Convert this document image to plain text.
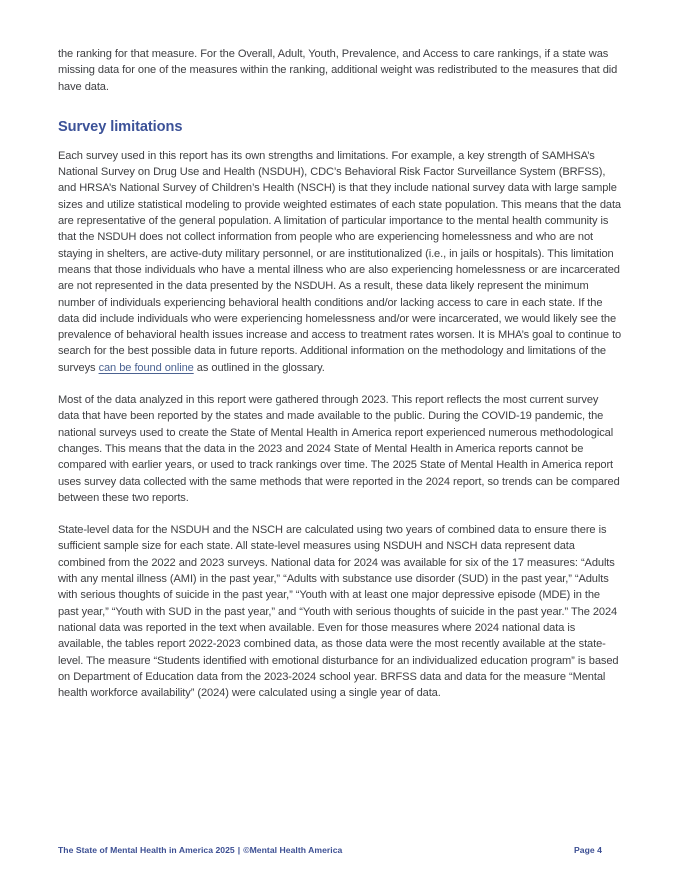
the ranking for that measure. For the Overall, Adult, Youth, Prevalence, and Access to care rankings, if a state was missing data for one of the measures within the ranking, additional weight was redistributed to the measures that did have data.

Survey limitations

Each survey used in this report has its own strengths and limitations. For example, a key strength of SAMHSA’s National Survey on Drug Use and Health (NSDUH), CDC’s Behavioral Risk Factor Surveillance System (BRFSS), and HRSA’s National Survey of Children’s Health (NSCH) is that they include national survey data with large sample sizes and utilize statistical modeling to provide weighted estimates of each state population. This means that the data are representative of the general population. A limitation of particular importance to the mental health community is that the NSDUH does not collect information from people who are experiencing homelessness and who are not staying in shelters, are active-duty military personnel, or are institutionalized (i.e., in jails or hospitals). This limitation means that those individuals who have a mental illness who are also experiencing homelessness or are incarcerated are not represented in the data presented by the NSDUH. As a result, these data likely represent the minimum number of individuals experiencing behavioral health conditions and/or lacking access to care in each state. If the data did include individuals who were experiencing homelessness and/or were incarcerated, we would likely see the prevalence of behavioral health issues increase and access to treatment rates worsen. It is MHA’s goal to continue to search for the best possible data in future reports. Additional information on the methodology and limitations of the surveys can be found online as outlined in the glossary.

Most of the data analyzed in this report were gathered through 2023. This report reflects the most current survey data that have been reported by the states and made available to the public. During the COVID-19 pandemic, the national surveys used to create the State of Mental Health in America report experienced numerous methodological changes. This means that the data in the 2023 and 2024 State of Mental Health in America reports cannot be compared with earlier years, or used to track rankings over time. The 2025 State of Mental Health in America report uses survey data collected with the same methods that were reported in the 2024 report, so trends can be compared between these two reports.

State-level data for the NSDUH and the NSCH are calculated using two years of combined data to ensure there is sufficient sample size for each state. All state-level measures using NSDUH and NSCH data represent data combined from the 2022 and 2023 surveys. National data for 2024 was available for six of the 17 measures: “Adults with any mental illness (AMI) in the past year,” “Adults with substance use disorder (SUD) in the past year,” “Adults with serious thoughts of suicide in the past year,” “Youth with at least one major depressive episode (MDE) in the past year,” “Youth with SUD in the past year,” and “Youth with serious thoughts of suicide in the past year.” The 2024 national data was reported in the text when available. Even for those measures where 2024 national data is available, the tables report 2022-2023 combined data, as those data were the most recently available at the state-level. The measure “Students identified with emotional disturbance for an individualized education program” is based on Department of Education data from the 2023-2024 school year. BRFSS data and data for the measure “Mental health workforce availability” (2024) were calculated using a single year of data.

The State of Mental Health in America 2025 | ©Mental Health America	Page 4
